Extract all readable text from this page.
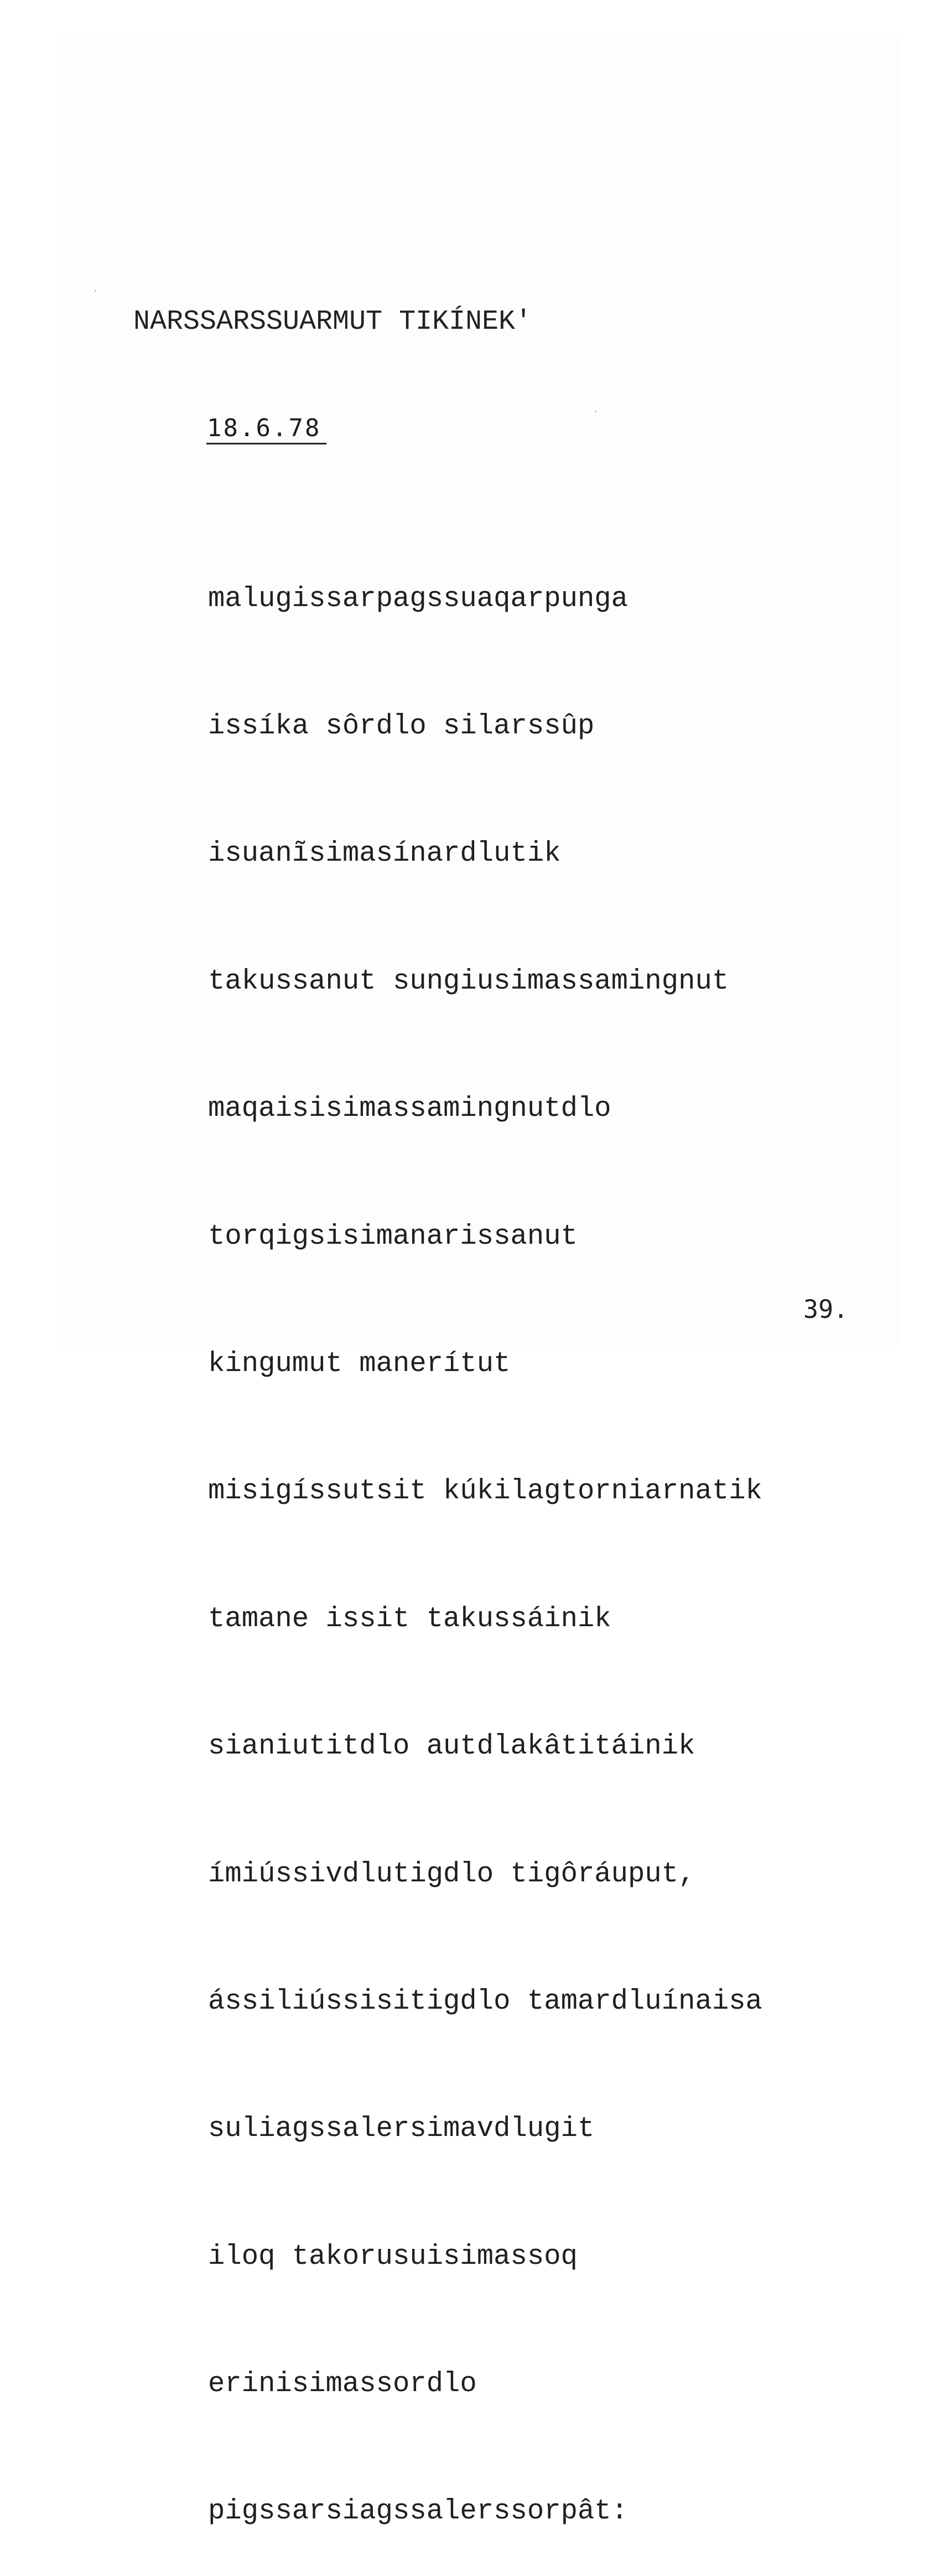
NARSSARSSUARMUT TIKÍNEK'

18.6.78

malugissarpagssuaqarpunga

issíka sôrdlo silarssûp

isuanĩsimasínardlutik

takussanut sungiusimassamingnut

maqaisisimassamingnutdlo

torqigsisimanarissanut

kingumut manerítut

misigíssutsit kúkilagtorniarnatik

tamane issit takussáinik

sianiutitdlo autdlakâtitáinik

ímiússivdlutigdlo tigôráuput,

ássiliússisitigdlo tamardluínaisa

suliagssalersimavdlugit

iloq takorusuisimassoq

erinisimassordlo

pigssarsiagssalerssorpât:

39.
